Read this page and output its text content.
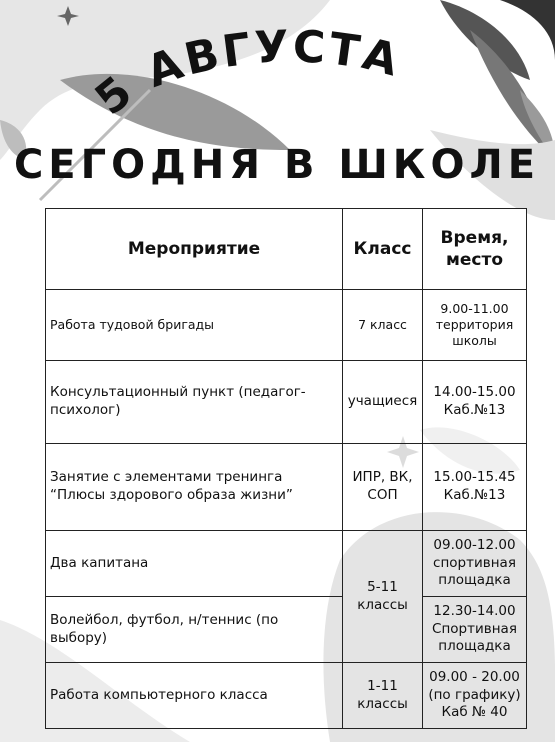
5 АВГУСТА
СЕГОДНЯ В ШКОЛЕ
Мероприятие	Класс	Время,
место

Работа тудовой бригады	7 класс	9.00-11.00
территория
школы

Консультационный пункт (педагог-психолог)	учащиеся	14.00-15.00
Каб.№13

Занятие с элементами тренинга “Плюсы здорового образа жизни”	ИПР, ВК, СОП	15.00-15.45
Каб.№13

Два капитана	5-11 классы	09.00-12.00
спортивная
площадка

Волейбол, футбол, н/теннис (по выбору)		12.30-14.00
Спортивная
площадка

Работа компьютерного класса	1-11 классы	09.00 - 20.00
(по графику)
Каб № 40
